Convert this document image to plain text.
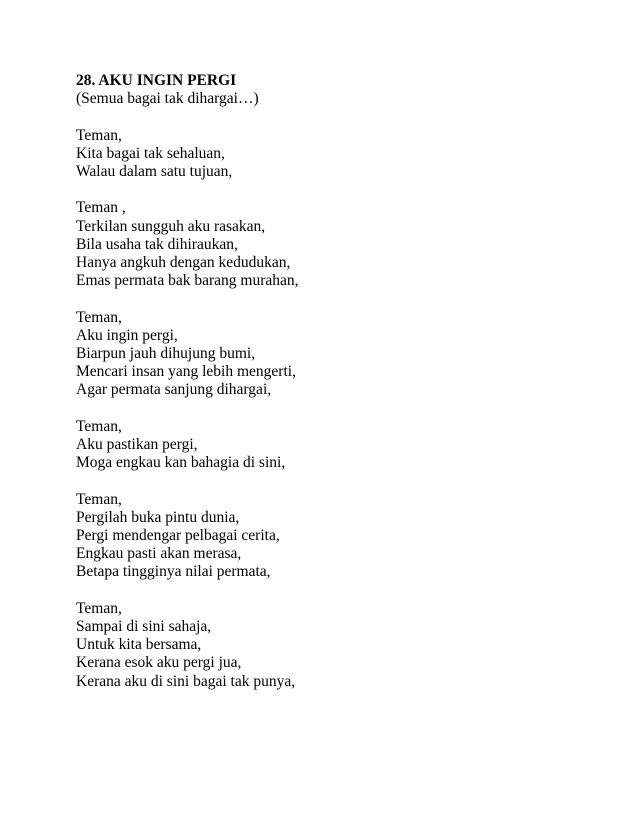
28. AKU INGIN PERGI

(Semua bagai tak dihargai…)

Teman,
Kita bagai tak sehaluan,
Walau dalam satu tujuan,
Teman ,
Terkilan sungguh aku rasakan,
Bila usaha tak dihiraukan,
Hanya angkuh dengan kedudukan,
Emas permata bak barang murahan,
Teman,
Aku ingin pergi,
Biarpun jauh dihujung bumi,
Mencari insan yang lebih mengerti,
Agar permata sanjung dihargai,
Teman,
Aku pastikan pergi,
Moga engkau kan bahagia di sini,
Teman,
Pergilah buka pintu dunia,
Pergi mendengar pelbagai cerita,
Engkau pasti akan merasa,
Betapa tingginya nilai permata,
Teman,
Sampai di sini sahaja,
Untuk kita bersama,
Kerana esok aku pergi jua,
Kerana aku di sini bagai tak punya,
